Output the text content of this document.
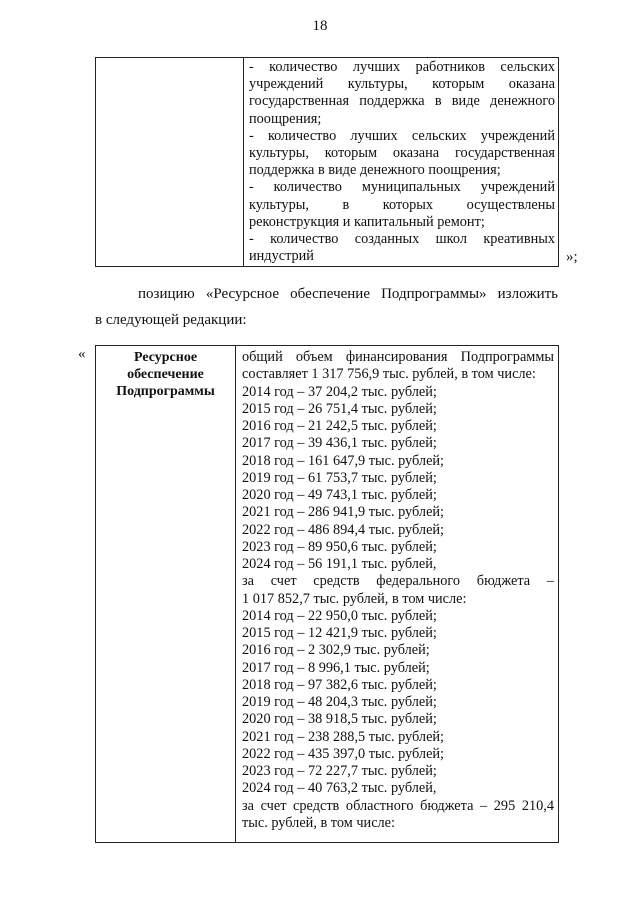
18
- количество лучших работников сельских
учреждений культуры, которым оказана
государственная поддержка в виде денежного
поощрения;
- количество лучших сельских учреждений
культуры, которым оказана государственная
поддержка в виде денежного поощрения;
- количество муниципальных учреждений
культуры, в которых осуществлены
реконструкция и капитальный ремонт;
- количество созданных школ креативных
индустрий	»;
позицию «Ресурсное обеспечение Подпрограммы» изложить
в следующей редакции:
«	Ресурсное
обеспечение
Подпрограммы
общий объем финансирования Подпрограммы
составляет 1 317 756,9 тыс. рублей, в том числе:
2014 год – 37 204,2 тыс. рублей;
2015 год – 26 751,4 тыс. рублей;
2016 год – 21 242,5 тыс. рублей;
2017 год – 39 436,1 тыс. рублей;
2018 год – 161 647,9 тыс. рублей;
2019 год – 61 753,7 тыс. рублей;
2020 год – 49 743,1 тыс. рублей;
2021 год – 286 941,9 тыс. рублей;
2022 год – 486 894,4 тыс. рублей;
2023 год – 89 950,6 тыс. рублей;
2024 год – 56 191,1 тыс. рублей,
за счет средств федерального бюджета –
1 017 852,7 тыс. рублей, в том числе:
2014 год – 22 950,0 тыс. рублей;
2015 год – 12 421,9 тыс. рублей;
2016 год – 2 302,9 тыс. рублей;
2017 год – 8 996,1 тыс. рублей;
2018 год – 97 382,6 тыс. рублей;
2019 год – 48 204,3 тыс. рублей;
2020 год – 38 918,5 тыс. рублей;
2021 год – 238 288,5 тыс. рублей;
2022 год – 435 397,0 тыс. рублей;
2023 год – 72 227,7 тыс. рублей;
2024 год – 40 763,2 тыс. рублей,
за счет средств областного бюджета – 295 210,4
тыс. рублей, в том числе:
